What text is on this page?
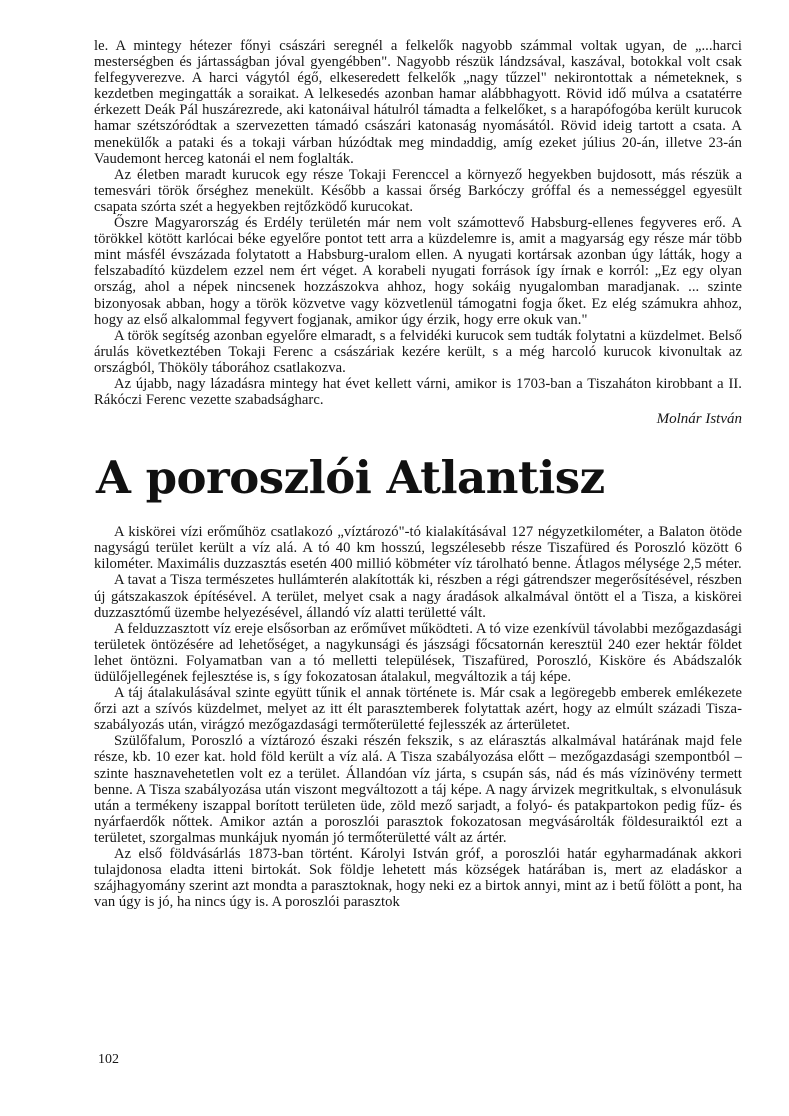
le. A mintegy hétezer főnyi császári seregnél a felkelők nagyobb számmal voltak ugyan, de „...harci mesterségben és jártasságban jóval gyengébben". Nagyobb részük lándzsával, kaszával, botokkal volt csak felfegyverezve. A harci vágytól égő, elkeseredett felkelők „nagy tűzzel" nekirontottak a németeknek, s kezdetben megingatták a soraikat. A lelkesedés azonban hamar alábbhagyott. Rövid idő múlva a csatatérre érkezett Deák Pál huszárezrede, aki katonáival hátulról támadta a felkelőket, s a harapófogóba került kurucok hamar szétszóródtak a szervezetten támadó császári katonaság nyomásától. Rövid ideig tartott a csata. A menekülők a pataki és a tokaji várban húzódtak meg mindaddig, amíg ezeket július 20-án, illetve 23-án Vaudemont herceg katonái el nem foglalták.

Az életben maradt kurucok egy része Tokaji Ferenccel a környező hegyekben bujdosott, más részük a temesvári török őrséghez menekült. Később a kassai őrség Barkóczy gróffal és a nemességgel egyesült csapata szórta szét a hegyekben rejtőzködő kurucokat.

Őszre Magyarország és Erdély területén már nem volt számottevő Habsburg-ellenes fegyveres erő. A törökkel kötött karlócai béke egyelőre pontot tett arra a küzdelemre is, amit a magyarság egy része már több mint másfél évszázada folytatott a Habsburg-uralom ellen. A nyugati kortársak azonban úgy látták, hogy a felszabadító küzdelem ezzel nem ért véget. A korabeli nyugati források így írnak e korról: „Ez egy olyan ország, ahol a népek nincsenek hozzászokva ahhoz, hogy sokáig nyugalomban maradjanak. ... szinte bizonyosak abban, hogy a török közvetve vagy közvetlenül támogatni fogja őket. Ez elég számukra ahhoz, hogy az első alkalommal fegyvert fogjanak, amikor úgy érzik, hogy erre okuk van."

A török segítség azonban egyelőre elmaradt, s a felvidéki kurucok sem tudták folytatni a küzdelmet. Belső árulás következtében Tokaji Ferenc a császáriak kezére került, s a még harcoló kurucok kivonultak az országból, Thököly táborához csatlakozva.

Az újabb, nagy lázadásra mintegy hat évet kellett várni, amikor is 1703-ban a Tiszaháton kirobbant a II. Rákóczi Ferenc vezette szabadságharc.

Molnár István
A poroszlói Atlantisz

A kiskörei vízi erőműhöz csatlakozó „víztározó"-tó kialakításával 127 négyzetkilométer, a Balaton ötöde nagyságú terület került a víz alá. A tó 40 km hosszú, legszélesebb része Tiszafüred és Poroszló között 6 kilométer. Maximális duzzasztás esetén 400 millió köbméter víz tárolható benne. Átlagos mélysége 2,5 méter.

A tavat a Tisza természetes hullámterén alakították ki, részben a régi gátrendszer megerősítésével, részben új gátszakaszok építésével. A terület, melyet csak a nagy áradások alkalmával öntött el a Tisza, a kiskörei duzzasztómű üzembe helyezésével, állandó víz alatti területté vált.

A felduzzasztott víz ereje elsősorban az erőművet működteti. A tó vize ezenkívül távolabbi mezőgazdasági területek öntözésére ad lehetőséget, a nagykunsági és jászsági főcsatornán keresztül 240 ezer hektár földet lehet öntözni. Folyamatban van a tó melletti települések, Tiszafüred, Poroszló, Kisköre és Abádszalók üdülőjellegének fejlesztése is, s így fokozatosan átalakul, megváltozik a táj képe.

A táj átalakulásával szinte együtt tűnik el annak története is. Már csak a legöregebb emberek emlékezete őrzi azt a szívós küzdelmet, melyet az itt élt parasztemberek folytattak azért, hogy az elmúlt századi Tisza-szabályozás után, virágzó mezőgazdasági termőterületté fejlesszék az árterületet.

Szülőfalum, Poroszló a víztározó északi részén fekszik, s az elárasztás alkalmával határának majd fele része, kb. 10 ezer kat. hold föld került a víz alá. A Tisza szabályozása előtt – mezőgazdasági szempontból – szinte hasznavehetetlen volt ez a terület. Állandóan víz járta, s csupán sás, nád és más vízinövény termett benne. A Tisza szabályozása után viszont megváltozott a táj képe. A nagy árvizek megritkultak, s elvonulásuk után a termékeny iszappal borított területen üde, zöld mező sarjadt, a folyó- és patakpartokon pedig fűz- és nyárfaerdők nőttek. Amikor aztán a poroszlói parasztok fokozatosan megvásárolták földesuraiktól ezt a területet, szorgalmas munkájuk nyomán jó termőterületté vált az ártér.

Az első földvásárlás 1873-ban történt. Károlyi István gróf, a poroszlói határ egyharmadának akkori tulajdonosa eladta itteni birtokát. Sok földje lehetett más községek határában is, mert az eladáskor a szájhagyomány szerint azt mondta a parasztoknak, hogy neki ez a birtok annyi, mint az i betű fölött a pont, ha van úgy is jó, ha nincs úgy is. A poroszlói parasztok

102
